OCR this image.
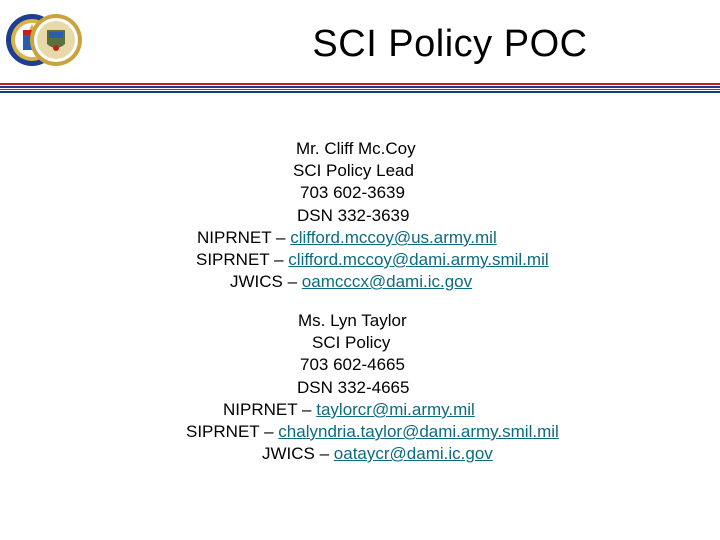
SCI Policy POC
Mr. Cliff Mc.Coy
SCI Policy Lead
703 602-3639
DSN 332-3639
NIPRNET – clifford.mccoy@us.army.mil
SIPRNET – clifford.mccoy@dami.army.smil.mil
JWICS – oamcccx@dami.ic.gov
Ms. Lyn Taylor
SCI Policy
703 602-4665
DSN 332-4665
NIPRNET – taylorcr@mi.army.mil
SIPRNET – chalyndria.taylor@dami.army.smil.mil
JWICS – oataycr@dami.ic.gov
